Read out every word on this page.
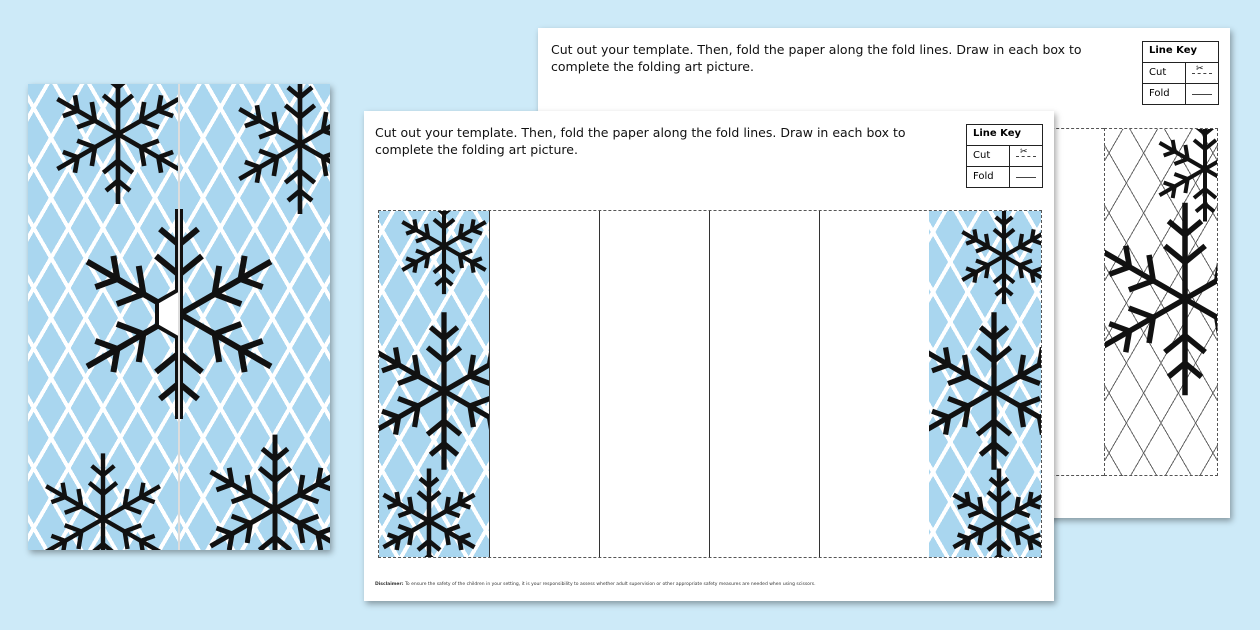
Cut out your template. Then, fold the paper along the fold lines. Draw in each box to complete the folding art picture.
Line Key
Cut	✂
Fold
Cut out your template. Then, fold the paper along the fold lines. Draw in each box to complete the folding art picture.
Line Key
Cut	✂
Fold
Disclaimer: To ensure the safety of the children in your setting, it is your responsibility to assess whether adult supervision or other appropriate safety measures are needed when using scissors.
